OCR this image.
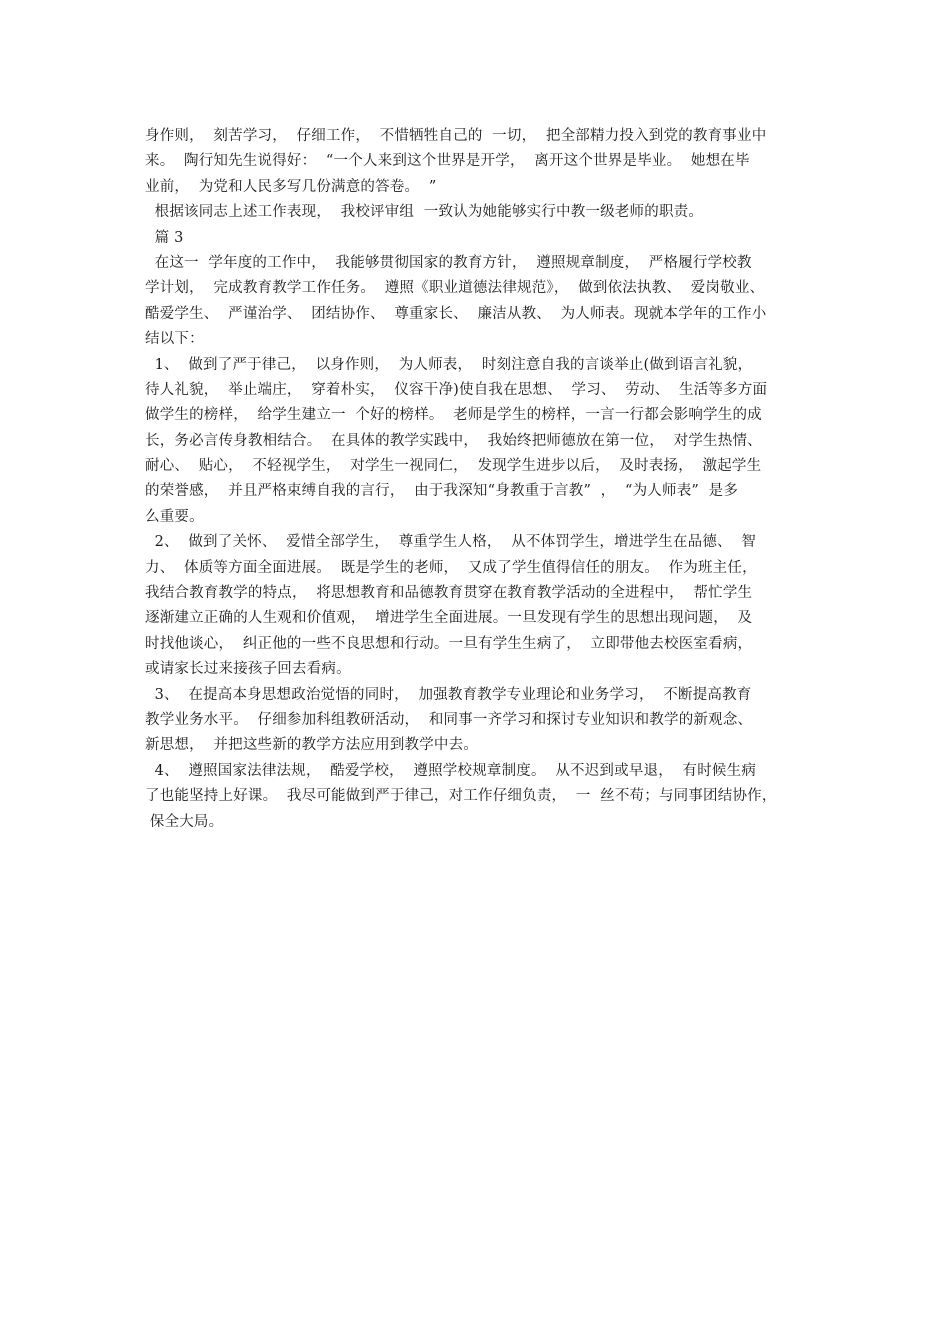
身作则，  刻苦学习，  仔细工作，  不惜牺牲自己的  一切，  把全部精力投入到党的教育事业中
来。  陶行知先生说得好：  “一个人来到这个世界是开学，  离开这个世界是毕业。  她想在毕
业前，  为党和人民多写几份满意的答卷。  ”
根据该同志上述工作表现，  我校评审组  一致认为她能够实行中教一级老师的职责。
篇 3
在这一  学年度的工作中，  我能够贯彻国家的教育方针，  遵照规章制度，  严格履行学校教
学计划，  完成教育教学工作任务。  遵照《职业道德法律规范》，  做到依法执教、  爱岗敬业、
酷爱学生、  严谨治学、  团结协作、  尊重家长、  廉洁从教、  为人师表。现就本学年的工作小
结以下：
1、  做到了严于律己，  以身作则，  为人师表，  时刻注意自我的言谈举止(做到语言礼貌，
待人礼貌，  举止端庄，  穿着朴实，  仪容干净)使自我在思想、  学习、  劳动、  生活等多方面
做学生的榜样，  给学生建立一  个好的榜样。  老师是学生的榜样，一言一行都会影响学生的成
长，务必言传身教相结合。  在具体的教学实践中，  我始终把师德放在第一位，  对学生热情、
耐心、  贴心，  不轻视学生，  对学生一视同仁，  发现学生进步以后，  及时表扬，  激起学生
的荣誉感，  并且严格束缚自我的言行，  由于我深知“身教重于言教”  ，  “为人师表”  是多
么重要。
2、  做到了关怀、  爱惜全部学生，  尊重学生人格，  从不体罚学生，增进学生在品德、  智
力、  体质等方面全面进展。  既是学生的老师，  又成了学生值得信任的朋友。  作为班主任，
我结合教育教学的特点，  将思想教育和品德教育贯穿在教育教学活动的全进程中，  帮忙学生
逐渐建立正确的人生观和价值观，  增进学生全面进展。一旦发现有学生的思想出现问题，  及
时找他谈心，  纠正他的一些不良思想和行动。一旦有学生生病了，  立即带他去校医室看病，
或请家长过来接孩子回去看病。
3、  在提高本身思想政治觉悟的同时，  加强教育教学专业理论和业务学习，  不断提高教育
教学业务水平。  仔细参加科组教研活动，  和同事一齐学习和探讨专业知识和教学的新观念、
新思想，  并把这些新的教学方法应用到教学中去。
4、  遵照国家法律法规，  酷爱学校，  遵照学校规章制度。  从不迟到或早退，  有时候生病
了也能坚持上好课。  我尽可能做到严于律己，对工作仔细负责，  一  丝不苟；与同事团结协作，
保全大局。
